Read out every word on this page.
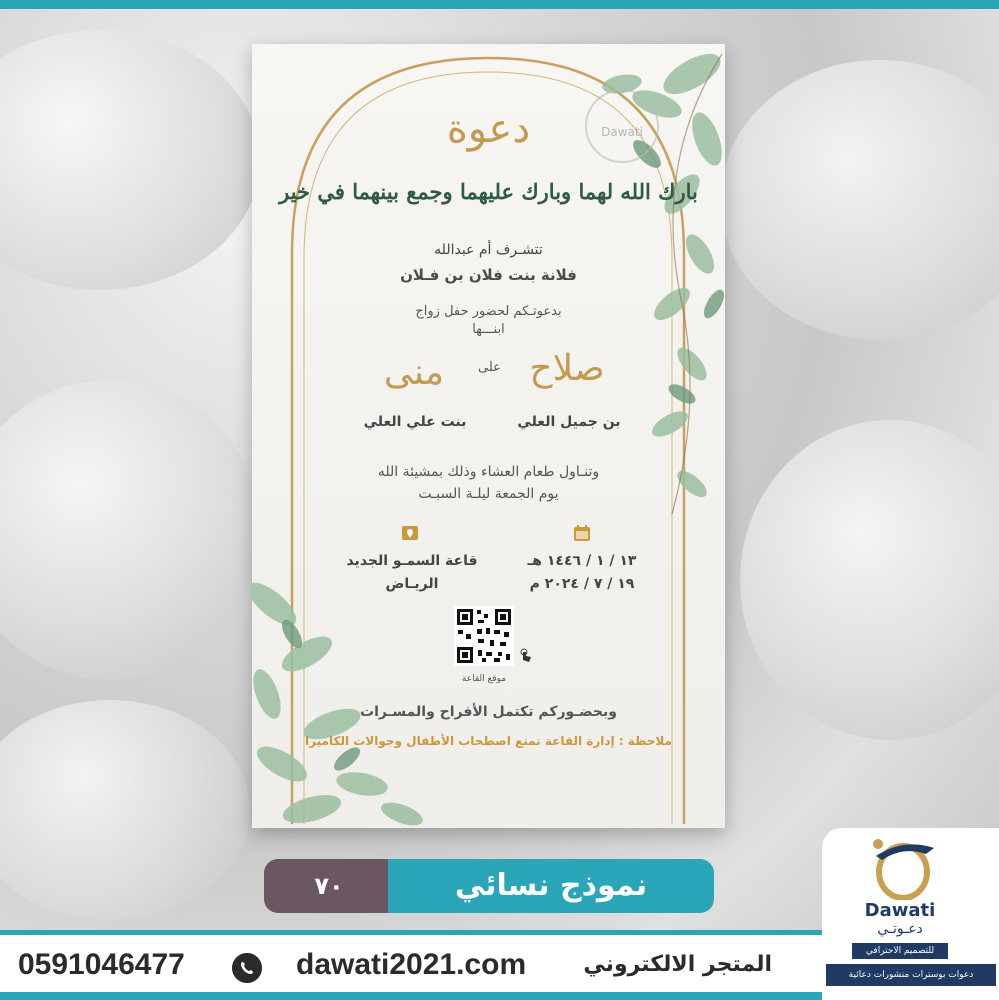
Dawati
دعوة
بارك الله لهما وبارك عليهما وجمع بينهما في خير
تتشـرف أم عبدالله
فلانة بنت فلان بن فـلان
بدعوتـكم لحضور حفل زواج
ابنـــها
صلاح
على
منى
بن جميل العلي
بنت علي العلي
وتنـاول طعام العشاء وذلك بمشيئة الله
يوم الجمعة ليلـة السبـت
١٣ / ١ / ١٤٤٦ هـ
١٩ / ٧ / ٢٠٢٤ م
قاعة السمـو الجديد
الريـاض
موقع القاعة
وبحضـوركم تكتمل الأفراح والمسـرات
ملاحظة : إدارة القاعة تمنع اصطحاب الأطفال وجوالات الكاميرا
٧٠	نموذج نسائي
0591046477	dawati2021.com	المتجر الالكتروني
Dawati
دعـوتـي
للتصميم الاحترافي
دعوات بوسترات منشورات دعائية
